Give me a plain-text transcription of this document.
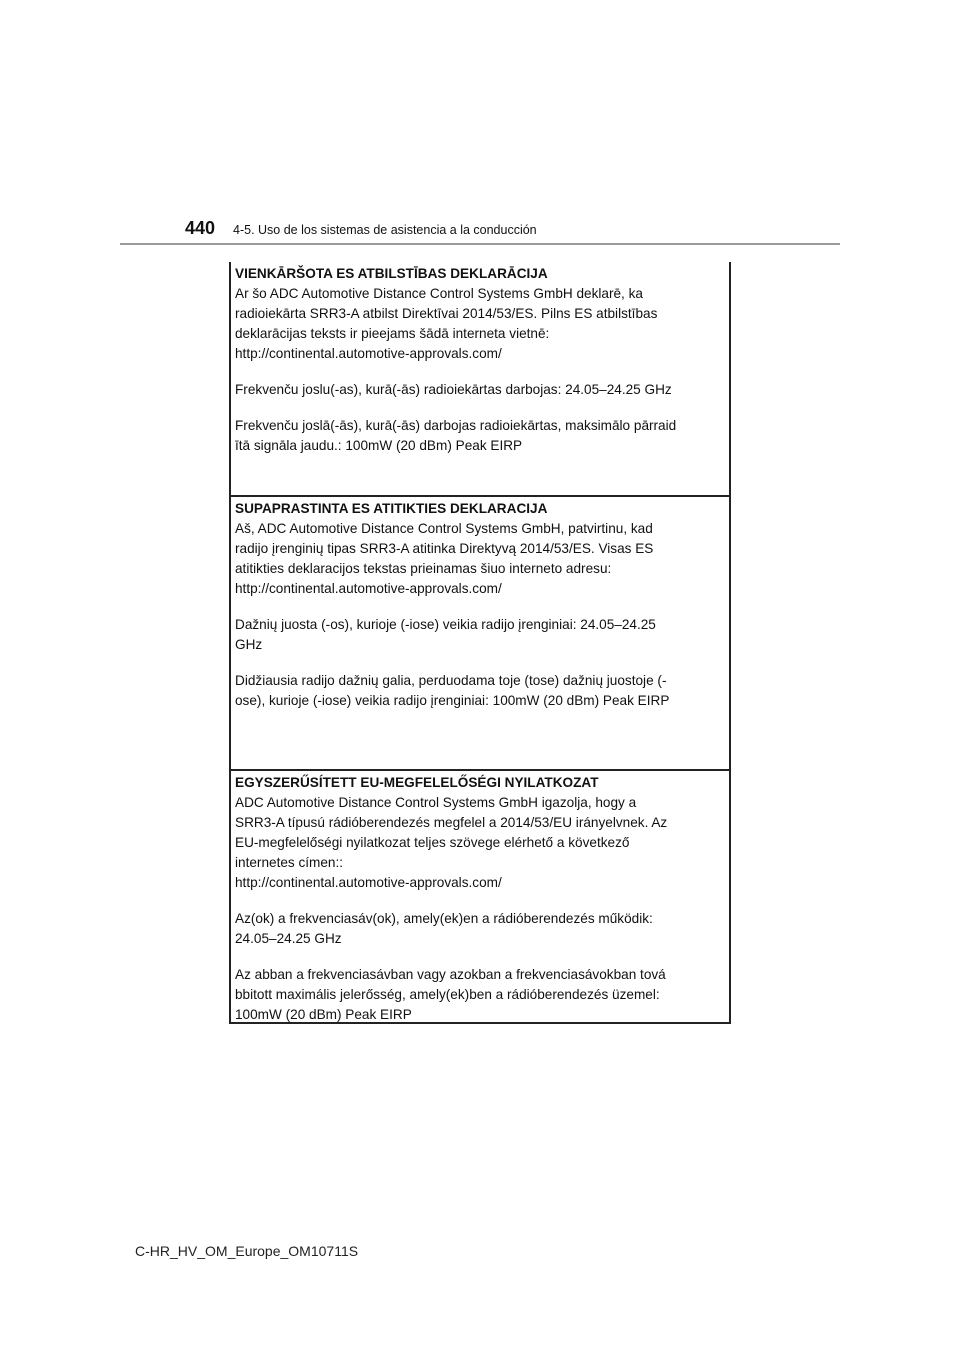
440 4-5. Uso de los sistemas de asistencia a la conducción
VIENKĀRŠOTA ES ATBILSTĪBAS DEKLARĀCIJA
Ar šo ADC Automotive Distance Control Systems GmbH deklarē, ka
radioiekārta SRR3-A atbilst Direktīvai 2014/53/ES. Pilns ES atbilstības
deklarācijas teksts ir pieejams šādā interneta vietnē:
http://continental.automotive-approvals.com/
Frekvenču joslu(-as), kurā(-ās) radioiekārtas darbojas: 24.05–24.25 GHz
Frekvenču joslā(-ās), kurā(-ās) darbojas radioiekārtas, maksimālo pārraid
ītā signāla jaudu.: 100mW (20 dBm) Peak EIRP
SUPAPRASTINTA ES ATITIKTIES DEKLARACIJA
Aš, ADC Automotive Distance Control Systems GmbH, patvirtinu, kad
radijo įrenginių tipas SRR3-A atitinka Direktyvą 2014/53/ES. Visas ES
atitikties deklaracijos tekstas prieinamas šiuo interneto adresu:
http://continental.automotive-approvals.com/
Dažnių juosta (-os), kurioje (-iose) veikia radijo įrenginiai: 24.05–24.25
GHz
Didžiausia radijo dažnių galia, perduodama toje (tose) dažnių juostoje (-
ose), kurioje (-iose) veikia radijo įrenginiai: 100mW (20 dBm) Peak EIRP
EGYSZERŰSÍTETT EU-MEGFELELŐSÉGI NYILATKOZAT
ADC Automotive Distance Control Systems GmbH igazolja, hogy a
SRR3-A típusú rádióberendezés megfelel a 2014/53/EU irányelvnek. Az
EU-megfelelőségi nyilatkozat teljes szövege elérhető a következő
internetes címen::
http://continental.automotive-approvals.com/
Az(ok) a frekvenciasáv(ok), amely(ek)en a rádióberendezés működik:
24.05–24.25 GHz
Az abban a frekvenciasávban vagy azokban a frekvenciasávokban tová
bbitott maximális jelerősség, amely(ek)ben a rádióberendezés üzemel:
100mW (20 dBm) Peak EIRP
C-HR_HV_OM_Europe_OM10711S
